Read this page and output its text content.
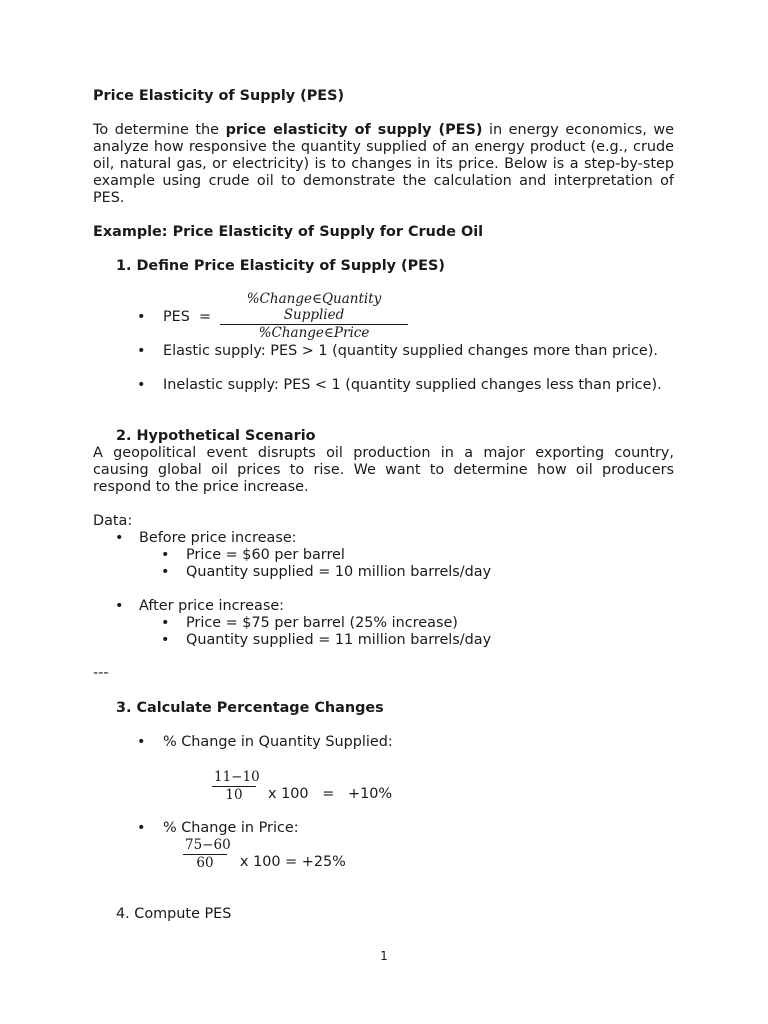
Price Elasticity of Supply (PES)

To determine the price elasticity of supply (PES) in energy economics, we analyze how responsive the quantity supplied of an energy product (e.g., crude oil, natural gas, or electricity) is to changes in its price. Below is a step-by-step example using crude oil to demonstrate the calculation and interpretation of PES.

Example: Price Elasticity of Supply for Crude Oil

1. Define Price Elasticity of Supply (PES)

•	PES  =
%Change∈Quantity Supplied
%Change∈Price
•	Elastic supply: PES > 1 (quantity supplied changes more than price).
•	Inelastic supply: PES < 1 (quantity supplied changes less than price).

2. Hypothetical Scenario

A geopolitical event disrupts oil production in a major exporting country, causing global oil prices to rise. We want to determine how oil producers respond to the price increase.

Data:

•	Before price increase:
•	Price = $60 per barrel
•	Quantity supplied = 10 million barrels/day
•	After price increase:
•	Price = $75 per barrel (25% increase)
•	Quantity supplied = 11 million barrels/day

---

3. Calculate Percentage Changes

•	% Change in Quantity Supplied:
$\frac{11-10}{10}$ x 100   =   +10%

•	% Change in Price:
$\frac{75-60}{60}$ x 100 = +25%

4. Compute PES

1
